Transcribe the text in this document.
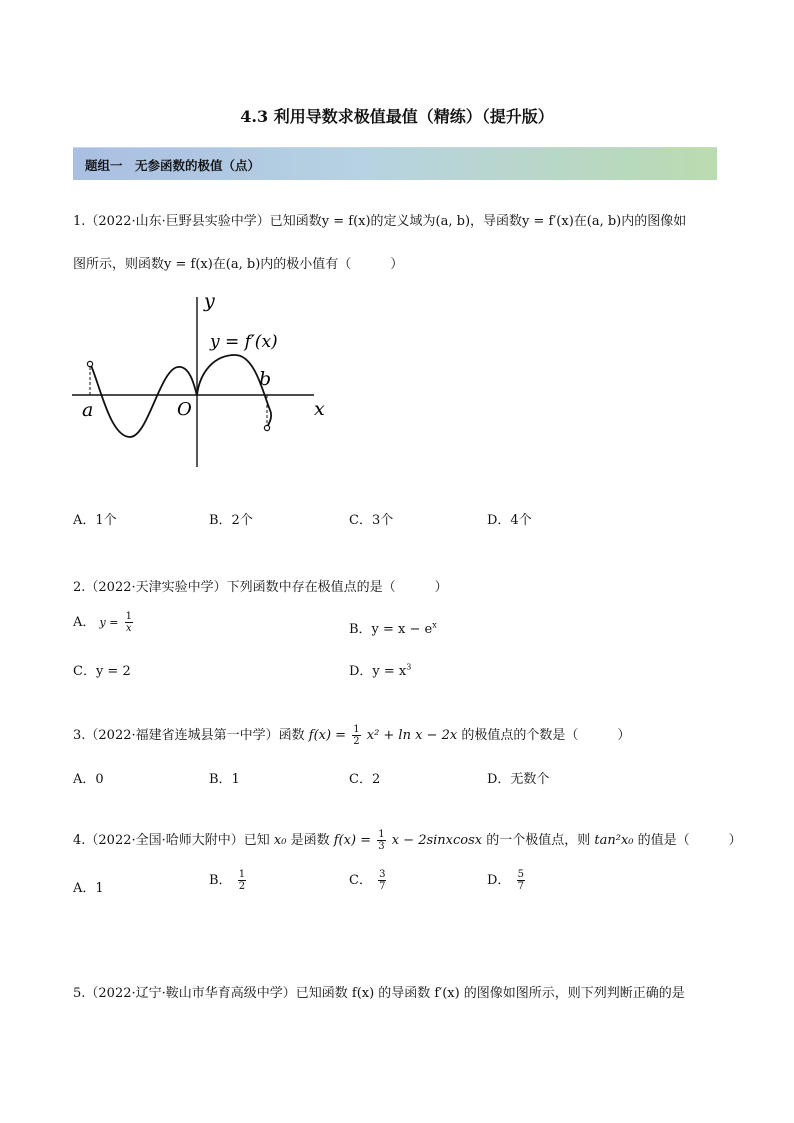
4.3 利用导数求极值最值（精练）（提升版）
题组一　无参函数的极值（点）
1.（2022·山东·巨野县实验中学）已知函数y = f(x)的定义域为(a, b)，导函数y = f′(x)在(a, b)内的图像如
图所示，则函数y = f(x)在(a, b)内的极小值有（　　　）
y
x
O
a
b
y = f′(x)
A．1个	B．2个	C．3个	D．4个
2.（2022·天津实验中学）下列函数中存在极值点的是（　　　）
A． $y = \frac{1}{x}$	B．$y = x - e^x$
C．y = 2	D．$y = x^3$
3.（2022·福建省连城县第一中学）函数 $f(x) = \frac{1}{2} x^2 + \ln x - 2x$ 的极值点的个数是（　　　）
A．0	B．1	C．2	D．无数个
4.（2022·全国·哈师大附中）已知 x₀ 是函数 $f(x) = \frac{1}{3}$ x − 2sinxcosx 的一个极值点，则 tan²x₀ 的值是（　　　）
A．1
B． $\frac{1}{2}$	C． $\frac{3}{7}$	D． $\frac{5}{7}$
5.（2022·辽宁·鞍山市华育高级中学）已知函数 f(x) 的导函数 f′(x) 的图像如图所示，则下列判断正确的是
